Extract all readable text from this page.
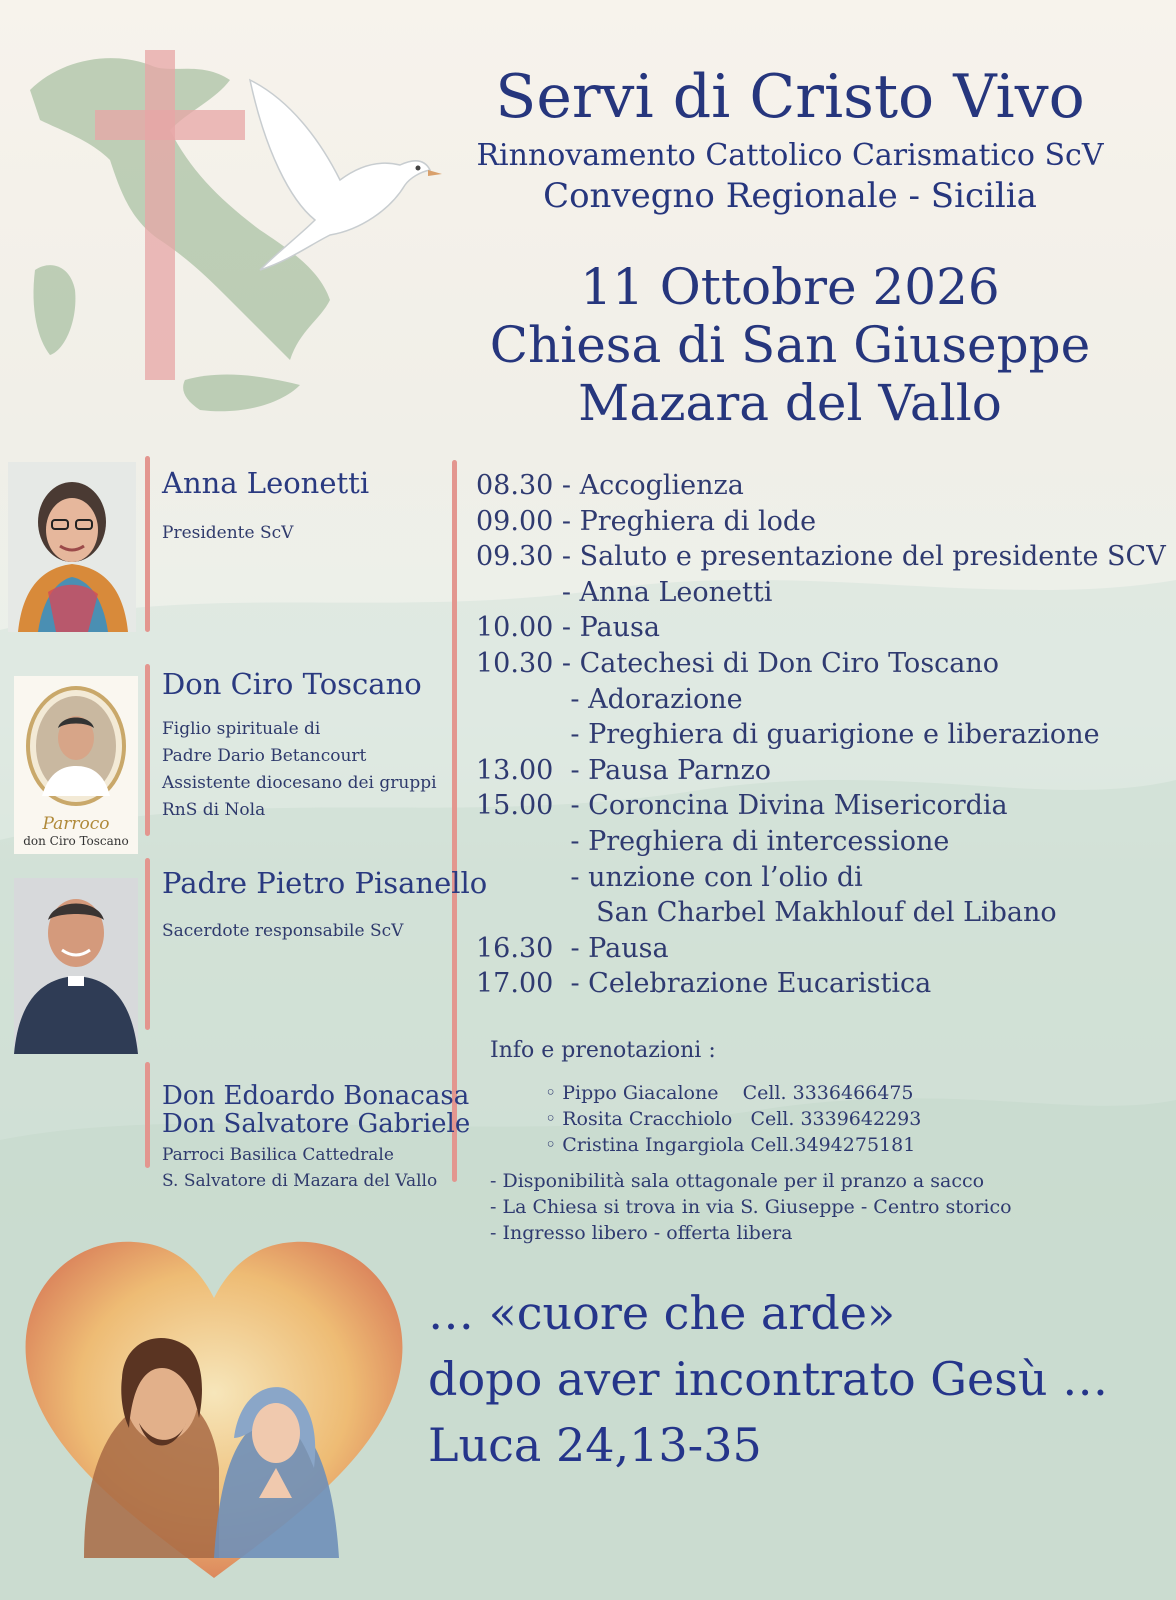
Servi di Cristo Vivo
Rinnovamento Cattolico Carismatico ScV
Convegno Regionale - Sicilia
11 Ottobre 2026
Chiesa di San Giuseppe
Mazara del Vallo
Anna Leonetti
Presidente ScV
Parroco
don Ciro Toscano
Don Ciro Toscano
Figlio spirituale di
Padre Dario Betancourt
Assistente diocesano dei gruppi
RnS di Nola
Padre Pietro Pisanello
Sacerdote responsabile ScV
Don Edoardo Bonacasa
Don Salvatore Gabriele
Parroci Basilica Cattedrale
S. Salvatore di Mazara del Vallo
08.30 - Accoglienza
09.00 - Preghiera di lode
09.30 - Saluto e presentazione del presidente SCV
- Anna Leonetti
10.00 - Pausa
10.30 - Catechesi di Don Ciro Toscano
- Adorazione
- Preghiera di guarigione e liberazione
13.00  - Pausa Parnzo
15.00  - Coroncina Divina Misericordia
- Preghiera di intercessione
- unzione con l’olio di
San Charbel Makhlouf del Libano
16.30  - Pausa
17.00  - Celebrazione Eucaristica
Info e prenotazioni :
◦ Pippo Giacalone    Cell. 3336466475
◦ Rosita Cracchiolo   Cell. 3339642293
◦ Cristina Ingargiola Cell.3494275181
- Disponibilità sala ottagonale per il pranzo a sacco
- La Chiesa si trova in via S. Giuseppe - Centro storico
- Ingresso libero - offerta libera
… «cuore che arde»
dopo aver incontrato Gesù …
Luca 24,13-35
